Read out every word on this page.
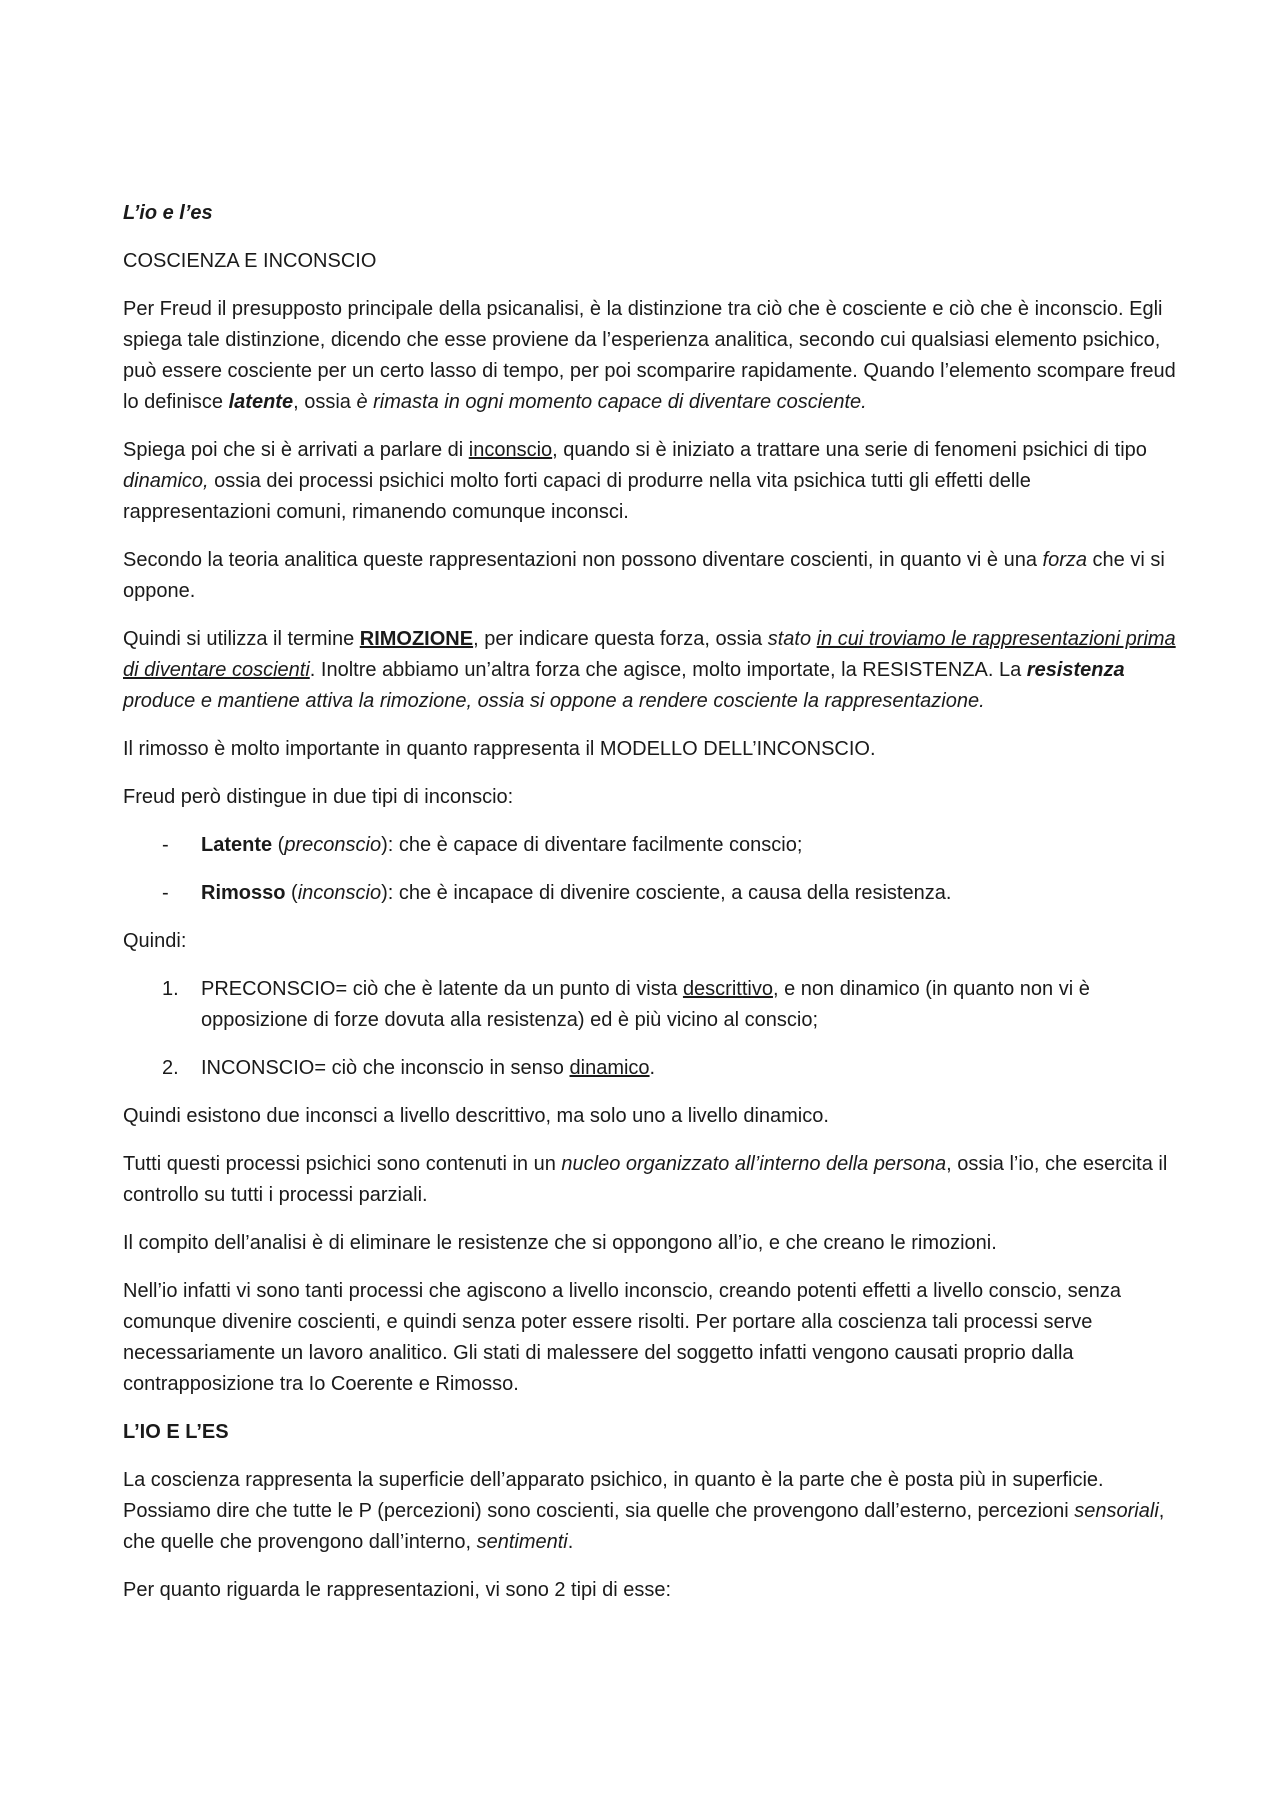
L’io e l’es

COSCIENZA E INCONSCIO

Per Freud il presupposto principale della psicanalisi, è la distinzione tra ciò che è cosciente e ciò che è inconscio. Egli spiega tale distinzione, dicendo che esse proviene da l’esperienza analitica, secondo cui qualsiasi elemento psichico, può essere cosciente per un certo lasso di tempo, per poi scomparire rapidamente. Quando l’elemento scompare freud lo definisce latente, ossia è rimasta in ogni momento capace di diventare cosciente.

Spiega poi che si è arrivati a parlare di inconscio, quando si è iniziato a trattare una serie di fenomeni psichici di tipo dinamico, ossia dei processi psichici molto forti capaci di produrre nella vita psichica tutti gli effetti delle rappresentazioni comuni, rimanendo comunque inconsci.

Secondo la teoria analitica queste rappresentazioni non possono diventare coscienti, in quanto vi è una forza che vi si oppone.

Quindi si utilizza il termine RIMOZIONE, per indicare questa forza, ossia stato in cui troviamo le rappresentazioni prima di diventare coscienti. Inoltre abbiamo un’altra forza che agisce, molto importate, la RESISTENZA. La resistenza produce e mantiene attiva la rimozione, ossia si oppone a rendere cosciente la rappresentazione.

Il rimosso è molto importante in quanto rappresenta il MODELLO DELL’INCONSCIO.

Freud però distingue in due tipi di inconscio:

- Latente (preconscio): che è capace di diventare facilmente conscio;
- Rimosso (inconscio): che è incapace di divenire cosciente, a causa della resistenza.

Quindi:

1. PRECONSCIO= ciò che è latente da un punto di vista descrittivo, e non dinamico (in quanto non vi è opposizione di forze dovuta alla resistenza) ed è più vicino al conscio;
2. INCONSCIO= ciò che inconscio in senso dinamico.

Quindi esistono due inconsci a livello descrittivo, ma solo uno a livello dinamico.

Tutti questi processi psichici sono contenuti in un nucleo organizzato all’interno della persona, ossia l’io, che esercita il controllo su tutti i processi parziali.

Il compito dell’analisi è di eliminare le resistenze che si oppongono all’io, e che creano le rimozioni.

Nell’io infatti vi sono tanti processi che agiscono a livello inconscio, creando potenti effetti a livello conscio, senza comunque divenire coscienti, e quindi senza poter essere risolti. Per portare alla coscienza tali processi serve necessariamente un lavoro analitico. Gli stati di malessere del soggetto infatti vengono causati proprio dalla contrapposizione tra Io Coerente e Rimosso.

L’IO E L’ES

La coscienza rappresenta la superficie dell’apparato psichico, in quanto è la parte che è posta più in superficie. Possiamo dire che tutte le P (percezioni) sono coscienti, sia quelle che provengono dall’esterno, percezioni sensoriali, che quelle che provengono dall’interno, sentimenti.

Per quanto riguarda le rappresentazioni, vi sono 2 tipi di esse:
